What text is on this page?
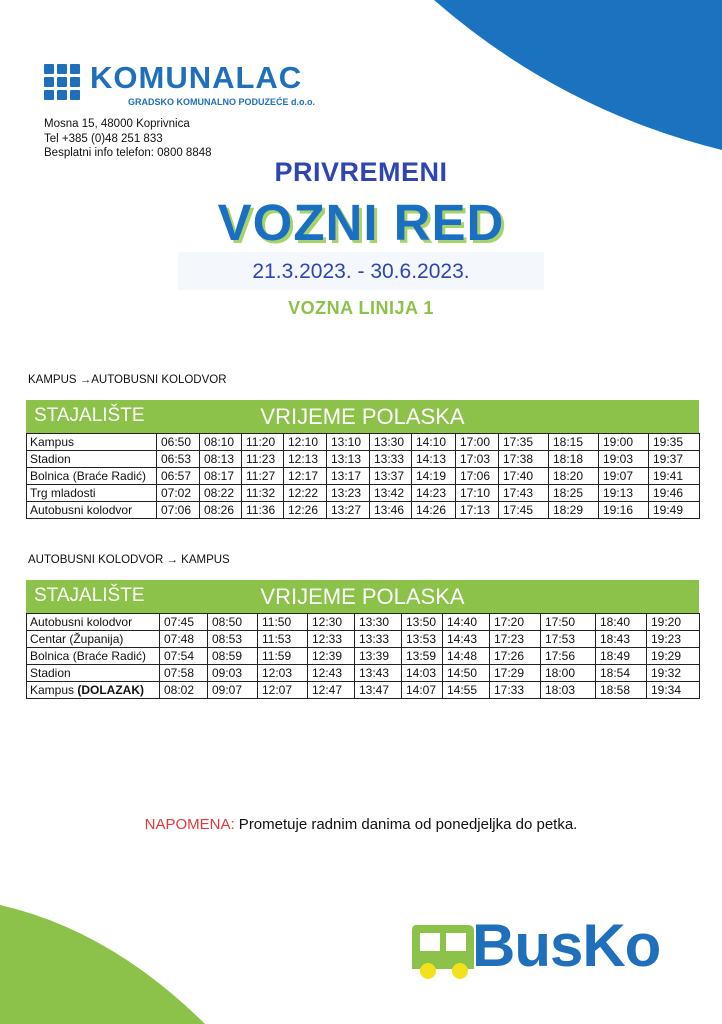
KOMUNALAC
GRADSKO KOMUNALNO PODUZEĆE d.o.o.
Mosna 15, 48000 Koprivnica
Tel +385 (0)48 251 833
Besplatni info telefon: 0800 8848
PRIVREMENI
VOZNI RED
21.3.2023. - 30.6.2023.
VOZNA LINIJA 1
KAMPUS →AUTOBUSNI KOLODVOR
STAJALIŠTE	VRIJEME POLASKA
Kampus	06:50	08:10	11:20	12:10	13:10	13:30	14:10	17:00	17:35	18:15	19:00	19:35
Stadion	06:53	08:13	11:23	12:13	13:13	13:33	14:13	17:03	17:38	18:18	19:03	19:37
Bolnica (Braće Radić)	06:57	08:17	11:27	12:17	13:17	13:37	14:19	17:06	17:40	18:20	19:07	19:41
Trg mladosti	07:02	08:22	11:32	12:22	13:23	13:42	14:23	17:10	17:43	18:25	19:13	19:46
Autobusni kolodvor	07:06	08:26	11:36	12:26	13:27	13:46	14:26	17:13	17:45	18:29	19:16	19:49
AUTOBUSNI KOLODVOR → KAMPUS
STAJALIŠTE	VRIJEME POLASKA
Autobusni kolodvor	07:45	08:50	11:50	12:30	13:30	13:50	14:40	17:20	17:50	18:40	19:20
Centar (Županija)	07:48	08:53	11:53	12:33	13:33	13:53	14:43	17:23	17:53	18:43	19:23
Bolnica (Braće Radić)	07:54	08:59	11:59	12:39	13:39	13:59	14:48	17:26	17:56	18:49	19:29
Stadion	07:58	09:03	12:03	12:43	13:43	14:03	14:50	17:29	18:00	18:54	19:32
Kampus (DOLAZAK)	08:02	09:07	12:07	12:47	13:47	14:07	14:55	17:33	18:03	18:58	19:34
NAPOMENA: Prometuje radnim danima od ponedjeljka do petka.
BusKo
